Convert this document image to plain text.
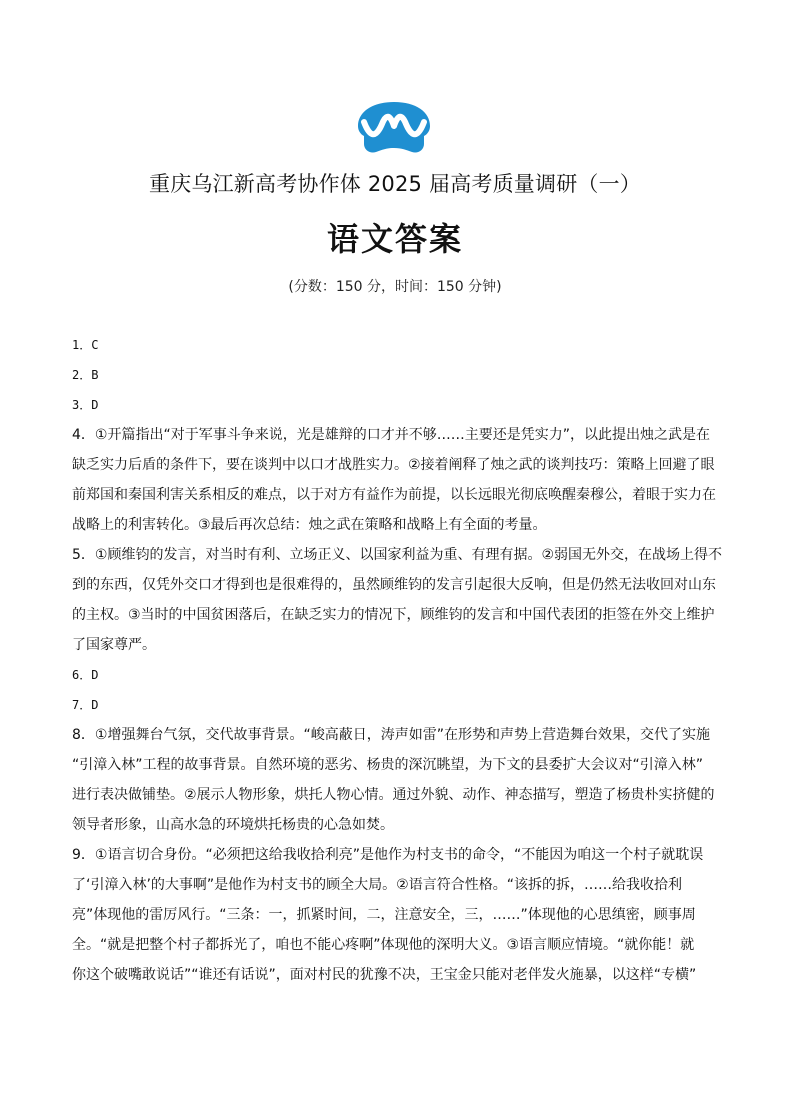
重庆乌江新高考协作体 2025 届高考质量调研（一）
语文答案
(分数：150 分，时间：150 分钟)
1．C
2．B
3．D
4．①开篇指出“对于军事斗争来说，光是雄辩的口才并不够……主要还是凭实力”，以此提出烛之武是在
缺乏实力后盾的条件下，要在谈判中以口才战胜实力。②接着阐释了烛之武的谈判技巧：策略上回避了眼
前郑国和秦国利害关系相反的难点，以于对方有益作为前提，以长远眼光彻底唤醒秦穆公，着眼于实力在
战略上的利害转化。③最后再次总结：烛之武在策略和战略上有全面的考量。
5．①顾维钧的发言，对当时有利、立场正义、以国家利益为重、有理有据。②弱国无外交，在战场上得不
到的东西，仅凭外交口才得到也是很难得的，虽然顾维钧的发言引起很大反响，但是仍然无法收回对山东
的主权。③当时的中国贫困落后，在缺乏实力的情况下，顾维钧的发言和中国代表团的拒签在外交上维护
了国家尊严。
6．D
7．D
8．①增强舞台气氛，交代故事背景。“峻高蔽日，涛声如雷”在形势和声势上营造舞台效果，交代了实施
“引漳入林”工程的故事背景。自然环境的恶劣、杨贵的深沉眺望，为下文的县委扩大会议对“引漳入林”
进行表决做铺垫。②展示人物形象，烘托人物心情。通过外貌、动作、神态描写，塑造了杨贵朴实挤健的
领导者形象，山高水急的环境烘托杨贵的心急如焚。
9．①语言切合身份。“必须把这给我收拾利亮”是他作为村支书的命令，“不能因为咱这一个村子就耽误
了‘引漳入林’的大事啊”是他作为村支书的顾全大局。②语言符合性格。“该拆的拆，……给我收拾利
亮”体现他的雷厉风行。“三条：一，抓紧时间，二，注意安全，三，……”体现他的心思缜密，顾事周
全。“就是把整个村子都拆光了，咱也不能心疼啊”体现他的深明大义。③语言顺应情境。“就你能！就
你这个破嘴敢说话”“谁还有话说”，面对村民的犹豫不决，王宝金只能对老伴发火施暴，以这样“专横”
